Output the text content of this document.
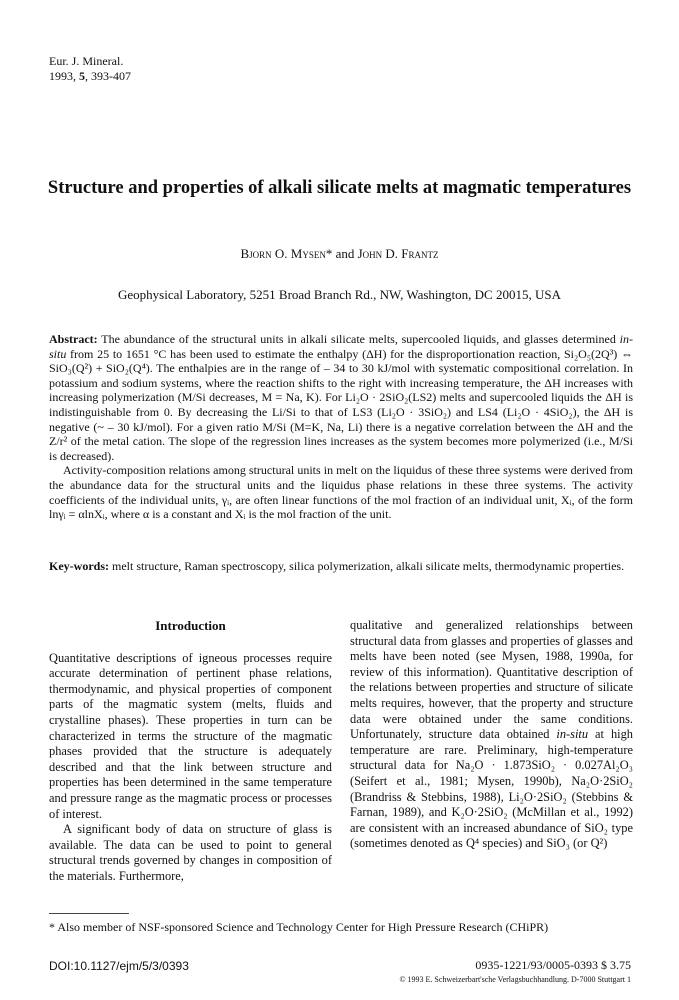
Eur. J. Mineral.
1993, 5, 393-407
Structure and properties of alkali silicate melts at magmatic temperatures
Bjorn O. Mysen* and John D. Frantz
Geophysical Laboratory, 5251 Broad Branch Rd., NW, Washington, DC 20015, USA

Abstract: The abundance of the structural units in alkali silicate melts, supercooled liquids, and glasses determined in-situ from 25 to 1651 °C has been used to estimate the enthalpy (ΔH) for the disproportionation reaction, Si₂O₅(2Q³) ⇔ SiO₃(Q²) + SiO₂(Q⁴). The enthalpies are in the range of – 34 to 30 kJ/mol with systematic compositional correlation. In potassium and sodium systems, where the reaction shifts to the right with increasing temperature, the ΔH increases with increasing polymerization (M/Si decreases, M = Na, K). For Li₂O · 2SiO₂(LS2) melts and supercooled liquids the ΔH is indistinguishable from 0. By decreasing the Li/Si to that of LS3 (Li₂O · 3SiO₂) and LS4 (Li₂O · 4SiO₂), the ΔH is negative (~ – 30 kJ/mol). For a given ratio M/Si (M=K, Na, Li) there is a negative correlation between the ΔH and the Z/r² of the metal cation. The slope of the regression lines increases as the system becomes more polymerized (i.e., M/Si is decreased).

Activity-composition relations among structural units in melt on the liquidus of these three systems were derived from the abundance data for the structural units and the liquidus phase relations in these three systems. The activity coefficients of the individual units, γᵢ, are often linear functions of the mol fraction of an individual unit, Xᵢ, of the form lnγᵢ = αlnXᵢ, where α is a constant and Xᵢ is the mol fraction of the unit.

Key-words: melt structure, Raman spectroscopy, silica polymerization, alkali silicate melts, thermodynamic properties.

Introduction

Quantitative descriptions of igneous processes require accurate determination of pertinent phase relations, thermodynamic, and physical properties of component parts of the magmatic system (melts, fluids and crystalline phases). These properties in turn can be characterized in terms the structure of the magmatic phases provided that the structure is adequately described and that the link between structure and properties has been determined in the same temperature and pressure range as the magmatic process or processes of interest.

A significant body of data on structure of glass is available. The data can be used to point to general structural trends governed by changes in composition of the materials. Furthermore,

qualitative and generalized relationships between structural data from glasses and properties of glasses and melts have been noted (see Mysen, 1988, 1990a, for review of this information). Quantitative description of the relations between properties and structure of silicate melts requires, however, that the property and structure data were obtained under the same conditions. Unfortunately, structure data obtained in-situ at high temperature are rare. Preliminary, high-temperature structural data for Na₂O · 1.873SiO₂ · 0.027Al₂O₃ (Seifert et al., 1981; Mysen, 1990b), Na₂O·2SiO₂ (Brandriss & Stebbins, 1988), Li₂O·2SiO₂ (Stebbins & Farnan, 1989), and K₂O·2SiO₂ (McMillan et al., 1992) are consistent with an increased abundance of SiO₂ type (sometimes denoted as Q⁴ species) and SiO₃ (or Q²)

* Also member of NSF-sponsored Science and Technology Center for High Pressure Research (CHiPR)
DOI:10.1127/ejm/5/3/0393	0935-1221/93/0005-0393 $ 3.75
© 1993 E. Schweizerbart'sche Verlagsbuchhandlung. D-7000 Stuttgart 1
